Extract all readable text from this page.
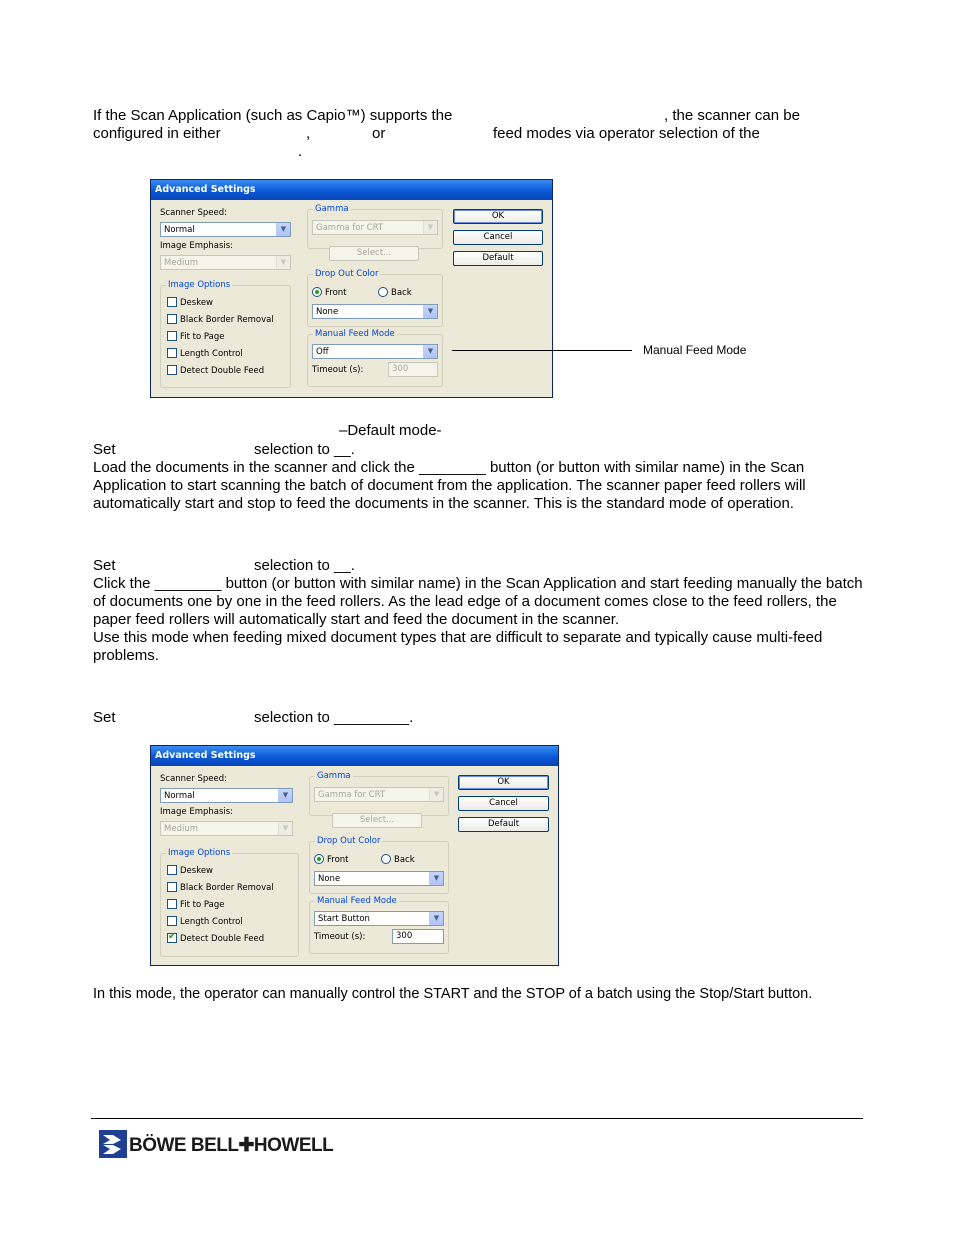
If the Scan Application (such as Capio™) supports the	, the scanner can be
configured in either	,	or	feed modes via operator selection of the
.
Advanced Settings
Scanner Speed:
Normal	▼
Image Emphasis:
Medium	▼
Image Options
Deskew
Black Border Removal
Fit to Page
Length Control
Detect Double Feed
Gamma
Gamma for CRT	▼
Select...
Drop Out Color
Front	Back
None	▼
Manual Feed Mode
Off	▼
Timeout (s):	300
OK
Cancel
Default
Manual Feed Mode
–Default mode-
Set	selection to __.
Load the documents in the scanner and click the ________ button (or button with similar name) in the Scan Application to start scanning the batch of document from the application. The scanner paper feed rollers will automatically start and stop to feed the documents in the scanner. This is the standard mode of operation.
Set	selection to __.
Click the ________ button (or button with similar name) in the Scan Application and start feeding manually the batch of documents one by one in the feed rollers. As the lead edge of a document comes close to the feed rollers, the paper feed rollers will automatically start and feed the document in the scanner.
Use this mode when feeding mixed document types that are difficult to separate and typically cause multi-feed problems.
Set	selection to _________.
Advanced Settings
Scanner Speed:
Normal	▼
Image Emphasis:
Medium	▼
Image Options
Deskew
Black Border Removal
Fit to Page
Length Control
✔ Detect Double Feed
Gamma
Gamma for CRT	▼
Select...
Drop Out Color
Front	Back
None	▼
Manual Feed Mode
Start Button	▼
Timeout (s):	300
OK
Cancel
Default
In this mode, the operator can manually control the START and the STOP of a batch using the Stop/Start button.
BÖWE BELL✚HOWELL
